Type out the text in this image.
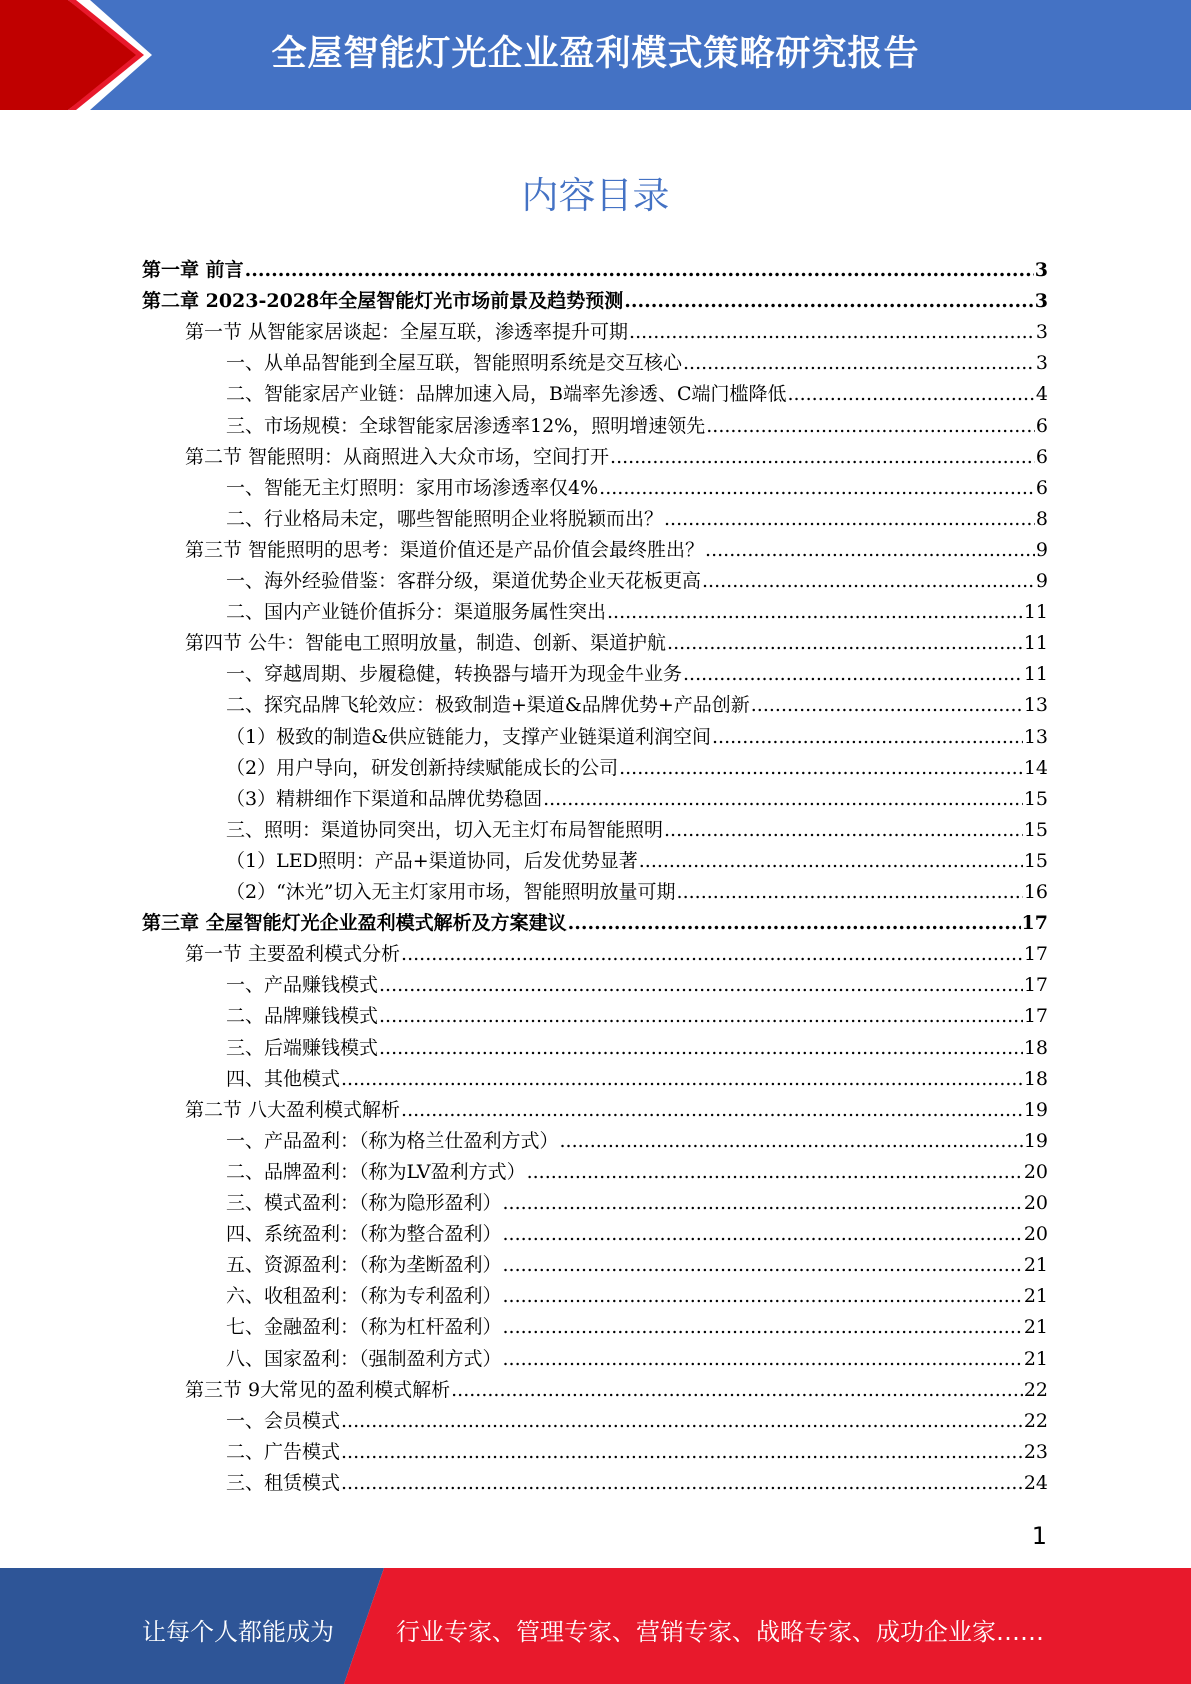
全屋智能灯光企业盈利模式策略研究报告
内容目录
第一章 前言 .....	3
第二章 2023-2028年全屋智能灯光市场前景及趋势预测 .....	3
第一节 从智能家居谈起：全屋互联，渗透率提升可期 .....	3
一、从单品智能到全屋互联，智能照明系统是交互核心 .....	3
二、智能家居产业链：品牌加速入局，B端率先渗透、C端门槛降低 .....	4
三、市场规模：全球智能家居渗透率12%，照明增速领先 .....	6
第二节 智能照明：从商照进入大众市场，空间打开 .....	6
一、智能无主灯照明：家用市场渗透率仅4% .....	6
二、行业格局未定，哪些智能照明企业将脱颖而出？ .....	8
第三节 智能照明的思考：渠道价值还是产品价值会最终胜出？ .....	9
一、海外经验借鉴：客群分级，渠道优势企业天花板更高 .....	9
二、国内产业链价值拆分：渠道服务属性突出 .....	11
第四节 公牛：智能电工照明放量，制造、创新、渠道护航 .....	11
一、穿越周期、步履稳健，转换器与墙开为现金牛业务 .....	11
二、探究品牌飞轮效应：极致制造+渠道&品牌优势+产品创新 .....	13
（1）极致的制造&供应链能力，支撑产业链渠道利润空间 .....	13
（2）用户导向，研发创新持续赋能成长的公司 .....	14
（3）精耕细作下渠道和品牌优势稳固 .....	15
三、照明：渠道协同突出，切入无主灯布局智能照明 .....	15
（1）LED照明：产品+渠道协同，后发优势显著 .....	15
（2）“沐光”切入无主灯家用市场，智能照明放量可期 .....	16
第三章 全屋智能灯光企业盈利模式解析及方案建议 .....	17
第一节 主要盈利模式分析 .....	17
一、产品赚钱模式 .....	17
二、品牌赚钱模式 .....	17
三、后端赚钱模式 .....	18
四、其他模式 .....	18
第二节 八大盈利模式解析 .....	19
一、产品盈利：（称为格兰仕盈利方式） .....	19
二、品牌盈利：（称为LV盈利方式） .....	20
三、模式盈利：（称为隐形盈利） .....	20
四、系统盈利：（称为整合盈利） .....	20
五、资源盈利：（称为垄断盈利） .....	21
六、收租盈利：（称为专利盈利） .....	21
七、金融盈利：（称为杠杆盈利） .....	21
八、国家盈利：（强制盈利方式） .....	21
第三节 9大常见的盈利模式解析 .....	22
一、会员模式 .....	22
二、广告模式 .....	23
三、租赁模式 .....	24
1
让每个人都能成为	行业专家、管理专家、营销专家、战略专家、成功企业家……
